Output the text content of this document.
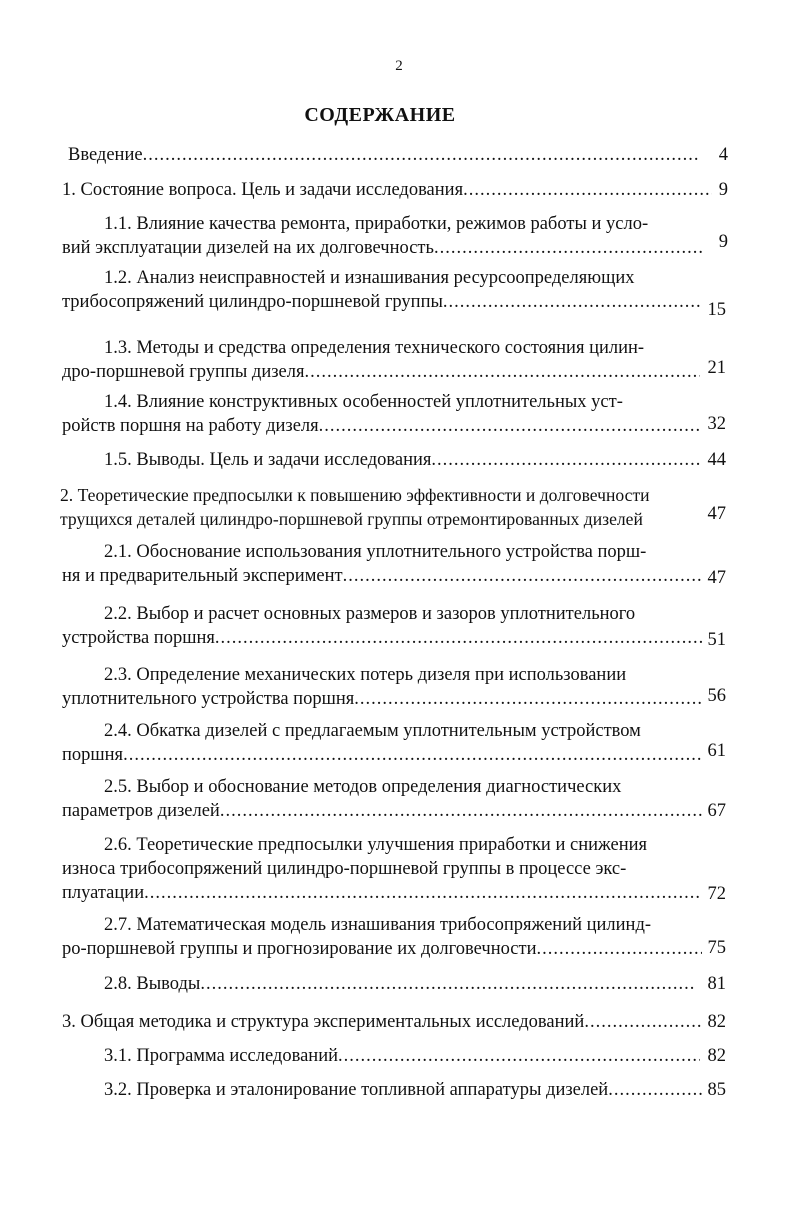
2
СОДЕРЖАНИЕ
Введение .....	4
1. Состояние вопроса. Цель и задачи исследования .....	9
1.1. Влияние качества ремонта, приработки, режимов работы и усло-
вий эксплуатации дизелей на их долговечность .....	9
1.2. Анализ неисправностей и изнашивания ресурсоопределяющих
трибосопряжений цилиндро-поршневой группы .....	15
1.3. Методы и средства определения технического состояния цилин-
дро-поршневой группы дизеля .....	21
1.4. Влияние конструктивных особенностей уплотнительных уст-
ройств поршня на работу дизеля .....	32
1.5. Выводы. Цель и задачи исследования .....	44
2. Теоретические предпосылки к повышению эффективности и долговечности
трущихся деталей цилиндро-поршневой группы отремонтированных дизелей	47
2.1. Обоснование использования уплотнительного устройства порш-
ня и предварительный эксперимент .....	47
2.2. Выбор и расчет основных размеров и зазоров уплотнительного
устройства поршня .....	51
2.3. Определение механических потерь дизеля при использовании
уплотнительного устройства поршня .....	56
2.4. Обкатка дизелей с предлагаемым уплотнительным устройством
поршня .....	61
2.5. Выбор и обоснование методов определения диагностических
параметров дизелей .....	67
2.6. Теоретические предпосылки улучшения приработки и снижения
износа трибосопряжений цилиндро-поршневой группы в процессе экс-
плуатации .....	72
2.7. Математическая модель изнашивания трибосопряжений цилинд-
ро-поршневой группы и прогнозирование их долговечности .....	75
2.8. Выводы .....	81
3. Общая методика и структура экспериментальных исследований .....	82
3.1. Программа исследований .....	82
3.2. Проверка и эталонирование топливной аппаратуры дизелей .....	85
